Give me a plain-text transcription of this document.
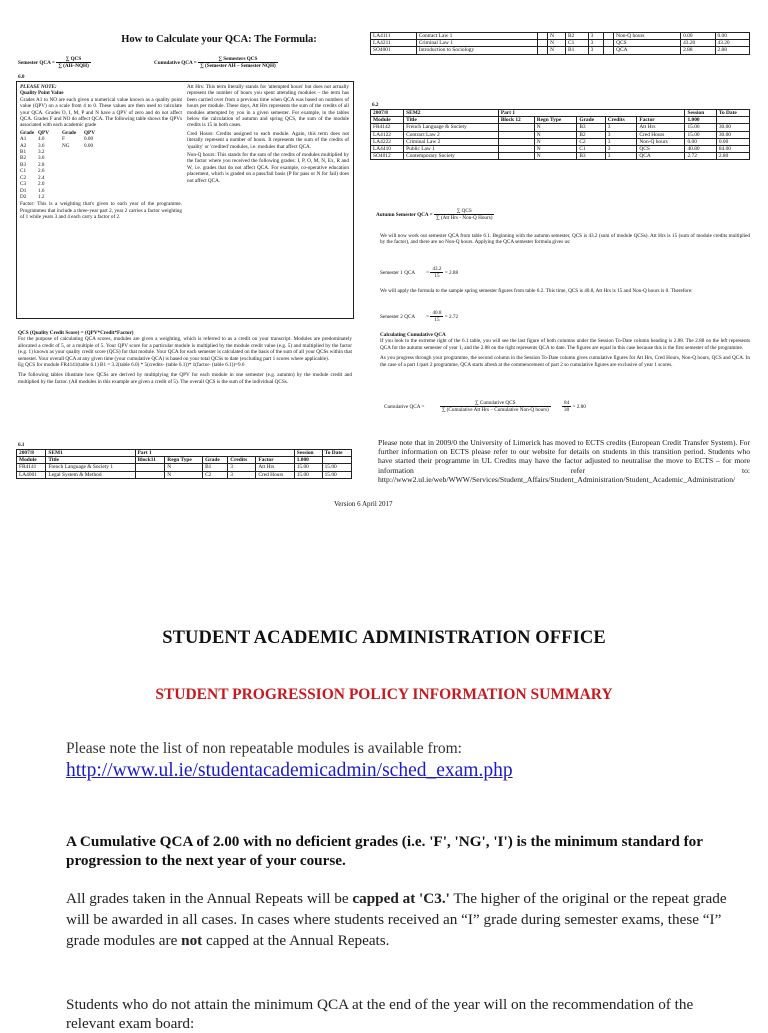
How to Calculate your QCA: The Formula:
Semester QCA = $\frac{\text{∑ QCS}}{\text{∑ (AH–NQH)}}$	Cumulative QCA = $\frac{\text{∑ Semesters QCS}}{\text{∑ (Semester AH – Semester NQH)}}$
6.0
PLEASE NOTE:
Quality Point Value
Grades A1 to NO are each given a numerical value known as a quality point value (QPV) on a scale from 4 to 0. These values are then used to calculate your QCA. Grades O, I, M, P and N have a QPV of zero and do not affect QCA. Grades F and NO do affect QCA. The following table shows the QPVs associated with each academic grade
Grade QPV	Grade	QPV
A1	4.0	F	0.00
A2	3.6	NG	0.00
B1	3.2
B2	3.0
B3	2.8
C1	2.6
C2	2.4
C3	2.0
D1	1.6
D2	1.2
Factor: This is a weighting that's given to each year of the programme. Programmes that include a three-year part 2, year 2 carries a factor weighting of 1 while years 3 and 4 each carry a factor of 2.
Att Hrs: This term literally stands for 'attempted hours' but does not actually represent the number of hours you spent attending modules – the term has been carried over from a previous time when QCA was based on numbers of hours per module. These days, Att Hrs represents the sum of the credits of all modules attempted by you in a given semester. For example, in the tables below the calculation of autumn and spring QCS, the sum of the module credits is 15 in both cases.
Cred Hours: Credits assigned to each module. Again, this term does not literally represent a number of hours. It represents the sum of the credits of 'quality' or 'credited' modules, i.e. modules that affect QCA.
Non-Q hours: This stands for the sum of the credits of modules multiplied by the factor where you received the following grades: I, P, O, M, N, Ex, R and W, i.e. grades that do not affect QCA. For example, co-operative education placement, which is graded on a pass/fail basis (P for pass or N for fail) does not affect QCA.
QCS (Quality Credit Score) = (QPV*Credit*Factor)
For the purpose of calculating QCA scores, modules are given a weighting, which is referred to as a credit on your transcript. Modules are predominately allocated a credit of 5, or a multiple of 5. Your QPV score for a particular module is multiplied by the module credit value (e.g. 5) and multiplied by the factor (e.g. 1) known as your quality credit score (QCS) for that module. Your QCA for each semester is calculated on the basis of the sum of all your QCSs within that semester. Your overall QCA at any given time (your cumulative QCA) is based on your total QCSs to date (excluding part 1 scores where applicable).
Eg QCS for module FR4141(table 6.1) B1 = 3.2(table 6.0) * 5(credits- (table 6.1))* 1(factor- (table 6.1))=9.6
The following tables illustrate how QCSs are derived by multiplying the QPV for each module in one semester (e.g. autumn) by the module credit and multiplied by the factor. (All modules in this example are given a credit of 5). The overall QCS is the sum of the individual QCSs.
6.1
2007/8	SEM1	Part 1					Session	To Date
Module	Title	Block11	Regn Type	Grade	Credits	Factor	1.000	
FR4141	French Language & Society 1		N	B1	3	Att Hrs	15.00	15.00
LA4001	Legal System & Method		N	C2	3	Cred Hours	15.00	15.00
LA4111	Contract Law 1		N	B2	3		Non-Q hours	0.00	0.00
LA4211	Criminal Law 1		N	C1	3		QCS	43.20	43.20
SO4001	Introduction to Sociology		N	B1	3		QCA	2.88	2.88
6.2
2007/8	SEM2	Part 1					Session	To Date
Module	Title	Block 12	Regn Type	Grade	Credits	Factor	1.000	
FR4142	French Language & Society		N	B3	3	Att Hrs	15.00	30.00
LA4122	Contract Law 2		N	B2	3	Cred Hours	15.00	30.00
LA4222	Criminal Law 2		N	C2	3	Non-Q hours	0.00	0.00
LA4410	Public Law 1		N	C1	3	QCS	40.80	84.00
SO4012	Contemporary Society		N	B3	3	QCA	2.72	2.80
Autumn Semester QCA = $\frac{\text{∑ QCS}}{\text{∑ (Att Hrs - Non-Q Hours)}}$
We will now work out semester QCA from table 6.1. Beginning with the autumn semester, QCS is 43.2 (sum of module QCSs). Att Hrs is 15 (sum of module credits multiplied by the factor), and there are no Non-Q hours. Applying the QCA semester formula gives us:
Semester 1 QCA = $\frac{43.2}{15} = 2.88$
We will apply the formula to the sample spring semester figures from table 6.2. This time, QCS is 40.8, Att Hrs is 15 and Non-Q hours is 0. Therefore:
Semester 2 QCA = $\frac{40.8}{15} = 2.72$
Calculating Cumulative QCA
If you look to the extreme right of the 6.1 table, you will see the last figure of both columns under the Session To-Date column heading is 2.88. The 2.88 on the left represents QCA for the autumn semester of year 1, and the 2.88 on the right represents QCA to date. The figures are equal in this case because this is the first semester of the programme.
As you progress through your programme, the second column in the Session To-Date column gives cumulative figures for Att Hrs, Cred Hours, Non-Q hours, QCS and QCA. In the case of a part 1/part 2 programme, QCA starts afresh at the commencement of part 2 so cumulative figures are exclusive of year 1 scores.
Cumulative QCA =	$\frac{\text{∑ Cumulative QCS}}{\text{∑ (Cumulative Att Hrs – Cumulative Non-Q hours)}}$
$\frac{84}{30} = 2.80$
Please note that in 2009/0 the University of Limerick has moved to ECTS credits (European Credit Transfer System). For further information on ECTS please refer to our website for details on students in this transition period. Students who have started their programme in UL Credits may have the factor adjusted to neutralise the move to ECTS – for more information refer to: http://www2.ul.ie/web/WWW/Services/Student_Affairs/Student_Administration/Student_Academic_Administration/
Version 6 April 2017
STUDENT ACADEMIC ADMINISTRATION OFFICE
STUDENT PROGRESSION POLICY INFORMATION SUMMARY
Please note the list of non repeatable modules is available from:
http://www.ul.ie/studentacademicadmin/sched_exam.php
A Cumulative QCA of 2.00 with no deficient grades (i.e. 'F', 'NG', 'I') is the minimum standard for progression to the next year of your course.
All grades taken in the Annual Repeats will be capped at 'C3.' The higher of the original or the repeat grade will be awarded in all cases. In cases where students received an “I” grade during semester exams, these “I” grade modules are not capped at the Annual Repeats.
Students who do not attain the minimum QCA at the end of the year will on the recommendation of the relevant exam board:
